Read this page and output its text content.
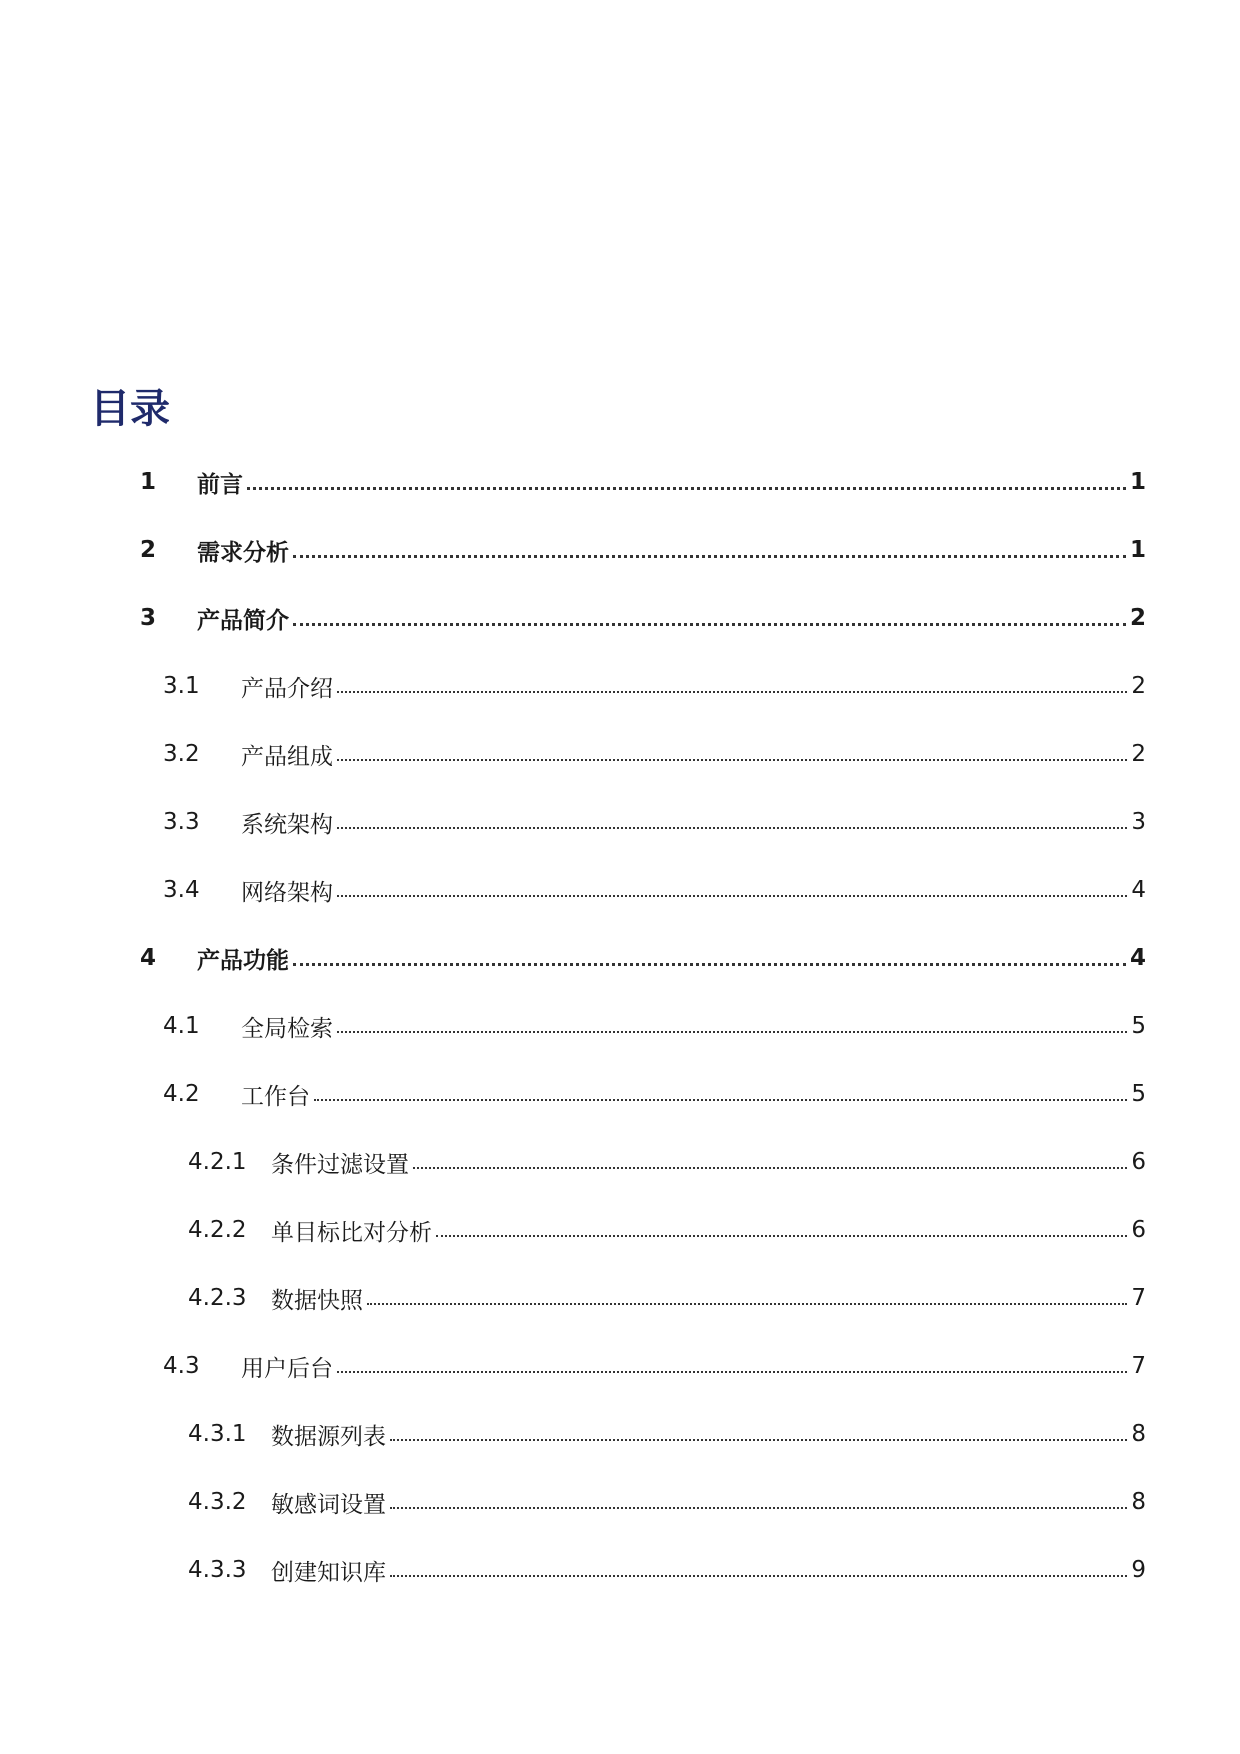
目录
1 前言	1
2 需求分析	1
3 产品简介	2
3.1 产品介绍	2
3.2 产品组成	2
3.3 系统架构	3
3.4 网络架构	4
4 产品功能	4
4.1 全局检索	5
4.2 工作台	5
4.2.1 条件过滤设置	6
4.2.2 单目标比对分析	6
4.2.3 数据快照	7
4.3 用户后台	7
4.3.1 数据源列表	8
4.3.2 敏感词设置	8
4.3.3 创建知识库	9
